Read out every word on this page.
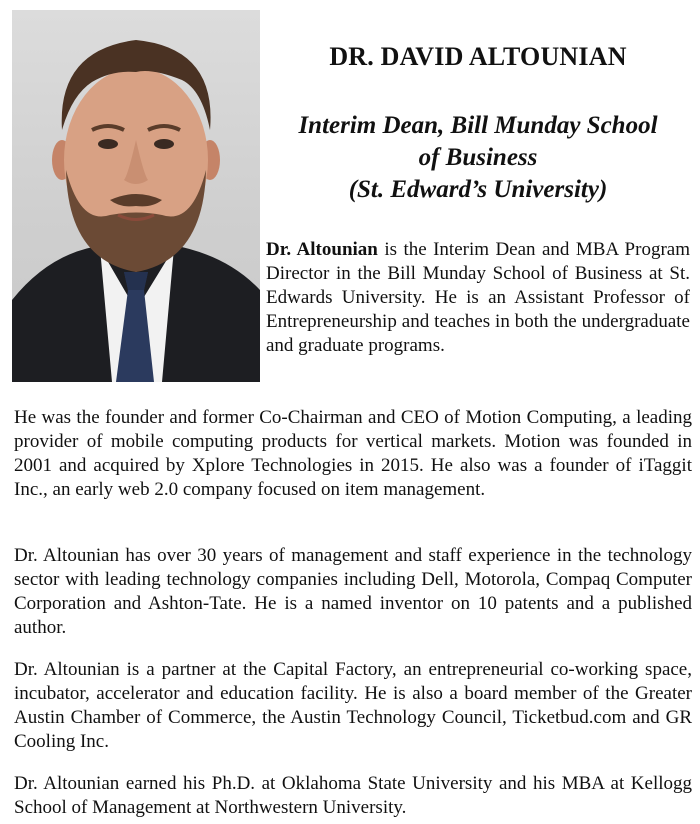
DR. DAVID ALTOUNIAN
Interim Dean, Bill Munday School
of Business
(St. Edward’s University)

Dr. Altounian is the Interim Dean and MBA Program Director in the Bill Munday School of Business at St. Edwards University. He is an Assistant Professor of Entrepreneurship and teaches in both the undergraduate and graduate programs.

He was the founder and former Co-Chairman and CEO of Motion Computing, a leading provider of mobile computing products for vertical markets. Motion was founded in 2001 and acquired by Xplore Technologies in 2015. He also was a founder of iTaggit Inc., an early web 2.0 company focused on item management.

Dr. Altounian has over 30 years of management and staff experience in the technology sector with leading technology companies including Dell, Motorola, Compaq Computer Corporation and Ashton-Tate. He is a named inventor on 10 patents and a published author.

Dr. Altounian is a partner at the Capital Factory, an entrepreneurial co-working space, incubator, accelerator and education facility. He is also a board member of the Greater Austin Chamber of Commerce, the Austin Technology Council, Ticketbud.com and GR Cooling Inc.

Dr. Altounian earned his Ph.D. at Oklahoma State University and his MBA at Kellogg School of Management at Northwestern University.
